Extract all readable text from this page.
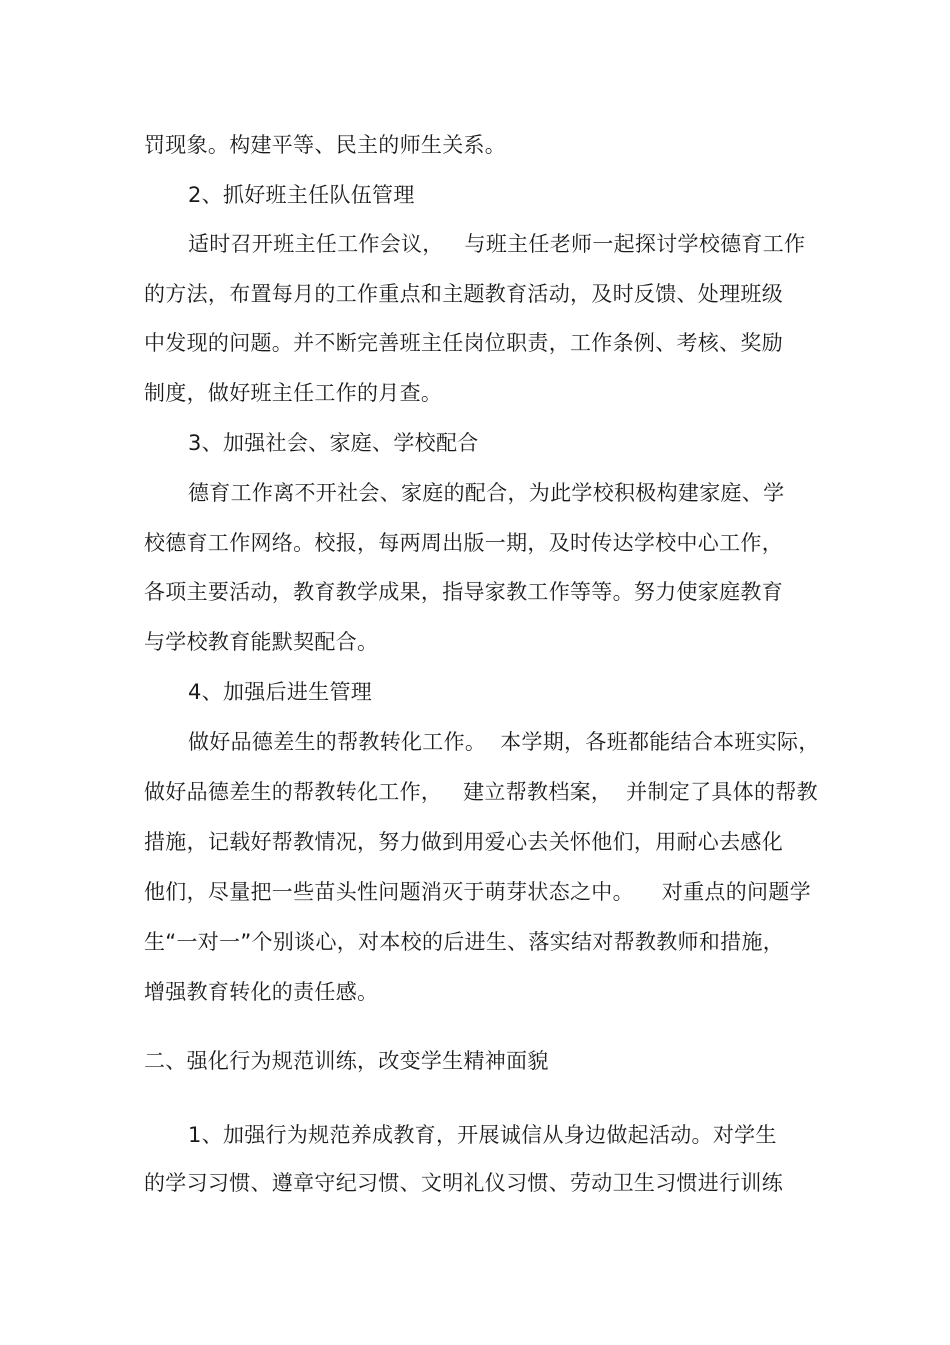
罚现象。构建平等、民主的师生关系。
2、抓好班主任队伍管理
适时召开班主任工作会议，   与班主任老师一起探讨学校德育工作
的方法，布置每月的工作重点和主题教育活动，及时反馈、处理班级
中发现的问题。并不断完善班主任岗位职责，工作条例、考核、奖励
制度，做好班主任工作的月查。
3、加强社会、家庭、学校配合
德育工作离不开社会、家庭的配合，为此学校积极构建家庭、学
校德育工作网络。校报，每两周出版一期，及时传达学校中心工作，
各项主要活动，教育教学成果，指导家教工作等等。努力使家庭教育
与学校教育能默契配合。
4、加强后进生管理
做好品德差生的帮教转化工作。  本学期，各班都能结合本班实际，
做好品德差生的帮教转化工作，   建立帮教档案，  并制定了具体的帮教
措施，记载好帮教情况，努力做到用爱心去关怀他们，用耐心去感化
他们，尽量把一些苗头性问题消灭于萌芽状态之中。    对重点的问题学
生“一对一”个别谈心，对本校的后进生、落实结对帮教教师和措施，
增强教育转化的责任感。
二、强化行为规范训练，改变学生精神面貌
1、加强行为规范养成教育，开展诚信从身边做起活动。对学生
的学习习惯、遵章守纪习惯、文明礼仪习惯、劳动卫生习惯进行训练
